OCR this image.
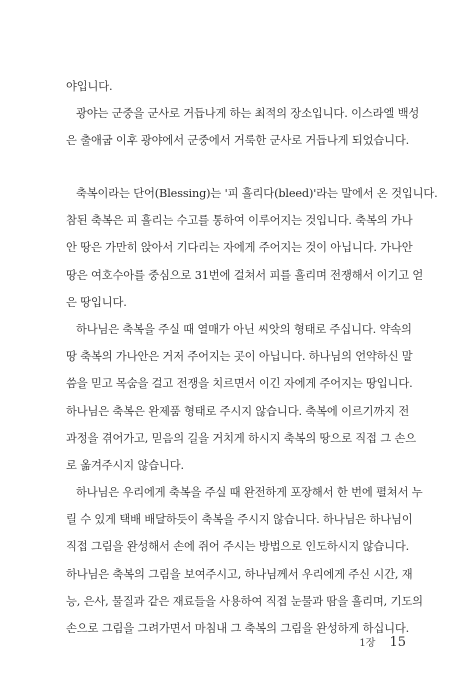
야입니다.
광야는 군중을 군사로 거듭나게 하는 최적의 장소입니다. 이스라엘 백성
은 출애굽 이후 광야에서 군중에서 거룩한 군사로 거듭나게 되었습니다.
축복이라는 단어(Blessing)는 '피 흘리다(bleed)'라는 말에서 온 것입니다.
참된 축복은 피 흘리는 수고를 통하여 이루어지는 것입니다. 축복의 가나
안 땅은 가만히 앉아서 기다리는 자에게 주어지는 것이 아닙니다. 가나안
땅은 여호수아를 중심으로 31번에 걸쳐서 피를 흘리며 전쟁해서 이기고 얻
은 땅입니다.
하나님은 축복을 주실 때 열매가 아닌 씨앗의 형태로 주십니다. 약속의
땅 축복의 가나안은 거저 주어지는 곳이 아닙니다. 하나님의 언약하신 말
씀을 믿고 목숨을 걸고 전쟁을 치르면서 이긴 자에게 주어지는 땅입니다.
하나님은 축복은 완제품 형태로 주시지 않습니다. 축복에 이르기까지 전
과정을 겪어가고, 믿음의 길을 거치게 하시지 축복의 땅으로 직접 그 손으
로 옮겨주시지 않습니다.
하나님은 우리에게 축복을 주실 때 완전하게 포장해서 한 번에 펼쳐서 누
릴 수 있게 택배 배달하듯이 축복을 주시지 않습니다. 하나님은 하나님이
직접 그림을 완성해서 손에 쥐어 주시는 방법으로 인도하시지 않습니다.
하나님은 축복의 그림을 보여주시고, 하나님께서 우리에게 주신 시간, 재
능, 은사, 물질과 같은 재료들을 사용하여 직접 눈물과 땀을 흘리며, 기도의
손으로 그림을 그려가면서 마침내 그 축복의 그림을 완성하게 하십니다.
1장 15
